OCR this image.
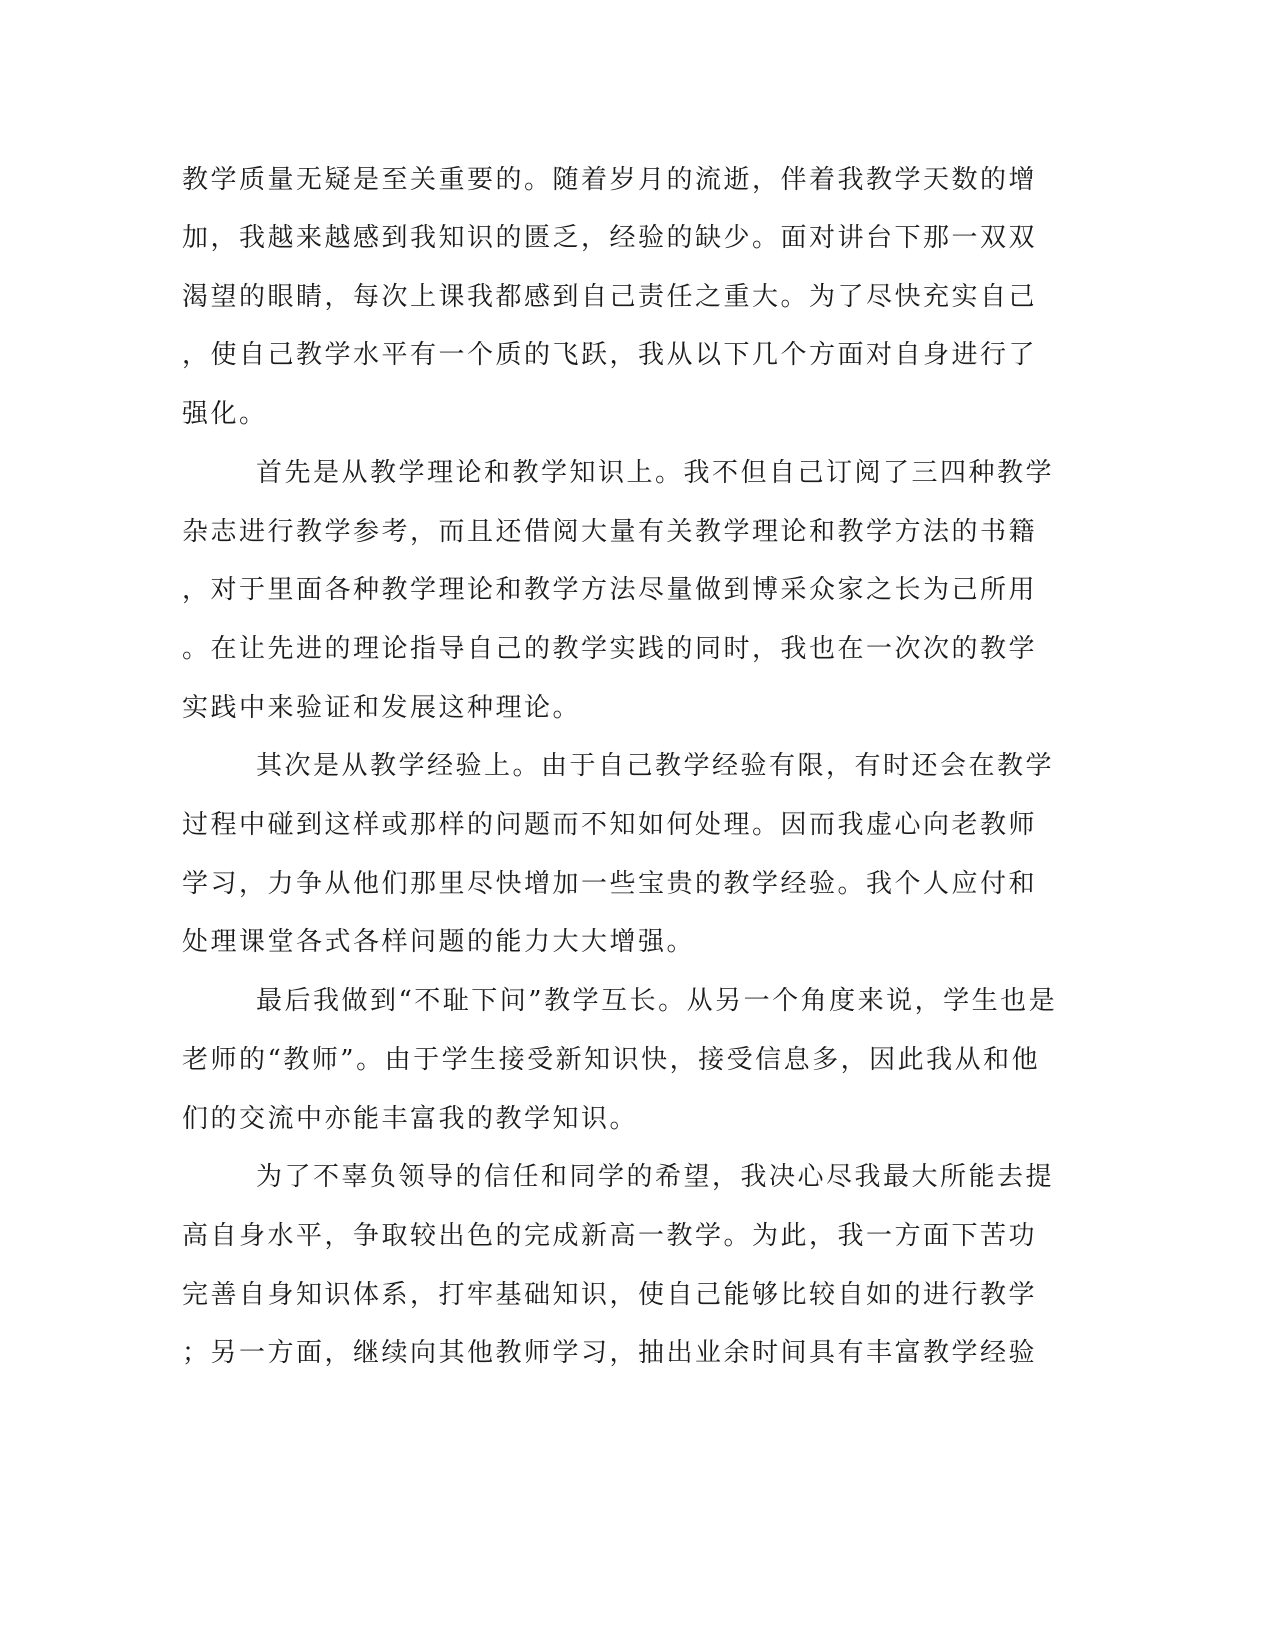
教学质量无疑是至关重要的。随着岁月的流逝，伴着我教学天数的增
加，我越来越感到我知识的匮乏，经验的缺少。面对讲台下那一双双
渴望的眼睛，每次上课我都感到自己责任之重大。为了尽快充实自己
，使自己教学水平有一个质的飞跃，我从以下几个方面对自身进行了
强化。
首先是从教学理论和教学知识上。我不但自己订阅了三四种教学
杂志进行教学参考，而且还借阅大量有关教学理论和教学方法的书籍
，对于里面各种教学理论和教学方法尽量做到博采众家之长为己所用
。在让先进的理论指导自己的教学实践的同时，我也在一次次的教学
实践中来验证和发展这种理论。
其次是从教学经验上。由于自己教学经验有限，有时还会在教学
过程中碰到这样或那样的问题而不知如何处理。因而我虚心向老教师
学习，力争从他们那里尽快增加一些宝贵的教学经验。我个人应付和
处理课堂各式各样问题的能力大大增强。
最后我做到“不耻下问”教学互长。从另一个角度来说，学生也是
老师的“教师”。由于学生接受新知识快，接受信息多，因此我从和他
们的交流中亦能丰富我的教学知识。
为了不辜负领导的信任和同学的希望，我决心尽我最大所能去提
高自身水平，争取较出色的完成新高一教学。为此，我一方面下苦功
完善自身知识体系，打牢基础知识，使自己能够比较自如的进行教学
；另一方面，继续向其他教师学习，抽出业余时间具有丰富教学经验
